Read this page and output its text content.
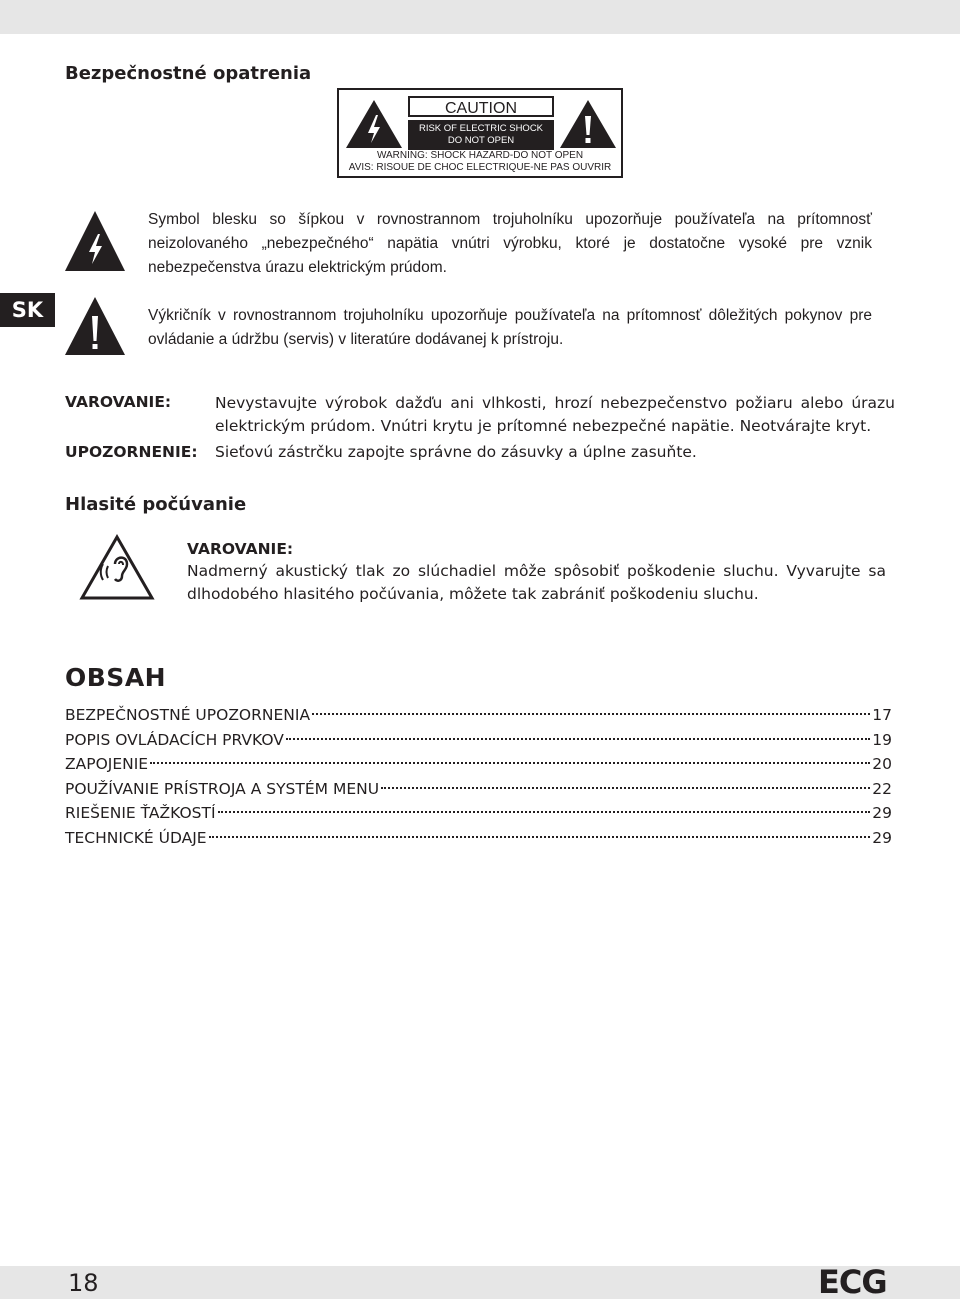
Bezpečnostné opatrenia
CAUTION
RISK OF ELECTRIC SHOCK
DO NOT OPEN
WARNING: SHOCK HAZARD-DO NOT OPEN
AVIS: RISOUE DE CHOC ELECTRIQUE-NE PAS OUVRIR

Symbol blesku so šípkou v rovnostrannom trojuholníku upozorňuje používateľa na prítomnosť neizolovaného „nebezpečného“ napätia vnútri výrobku, ktoré je dostatočne vysoké pre vznik nebezpečenstva úrazu elektrickým prúdom.

SK	Výkričník v rovnostrannom trojuholníku upozorňuje používateľa na prítomnosť dôležitých pokynov pre ovládanie a údržbu (servis) v literatúre dodávanej k prístroju.

VAROVANIE:	Nevystavujte výrobok dažďu ani vlhkosti, hrozí nebezpečenstvo požiaru alebo úrazu elektrickým prúdom. Vnútri krytu je prítomné nebezpečné napätie. Neotvárajte kryt.

UPOZORNENIE: Sieťovú zástrčku zapojte správne do zásuvky a úplne zasuňte.

Hlasité počúvanie
VAROVANIE:

Nadmerný akustický tlak zo slúchadiel môže spôsobiť poškodenie sluchu. Vyvarujte sa dlhodobého hlasitého počúvania, môžete tak zabrániť poškodeniu sluchu.

OBSAH
BEZPEČNOSTNÉ UPOZORNENIA	17
POPIS OVLÁDACÍCH PRVKOV	19
ZAPOJENIE	20
POUŽÍVANIE PRÍSTROJA A SYSTÉM MENU	22
RIEŠENIE ŤAŽKOSTÍ	29
TECHNICKÉ ÚDAJE	29
18	ECG
